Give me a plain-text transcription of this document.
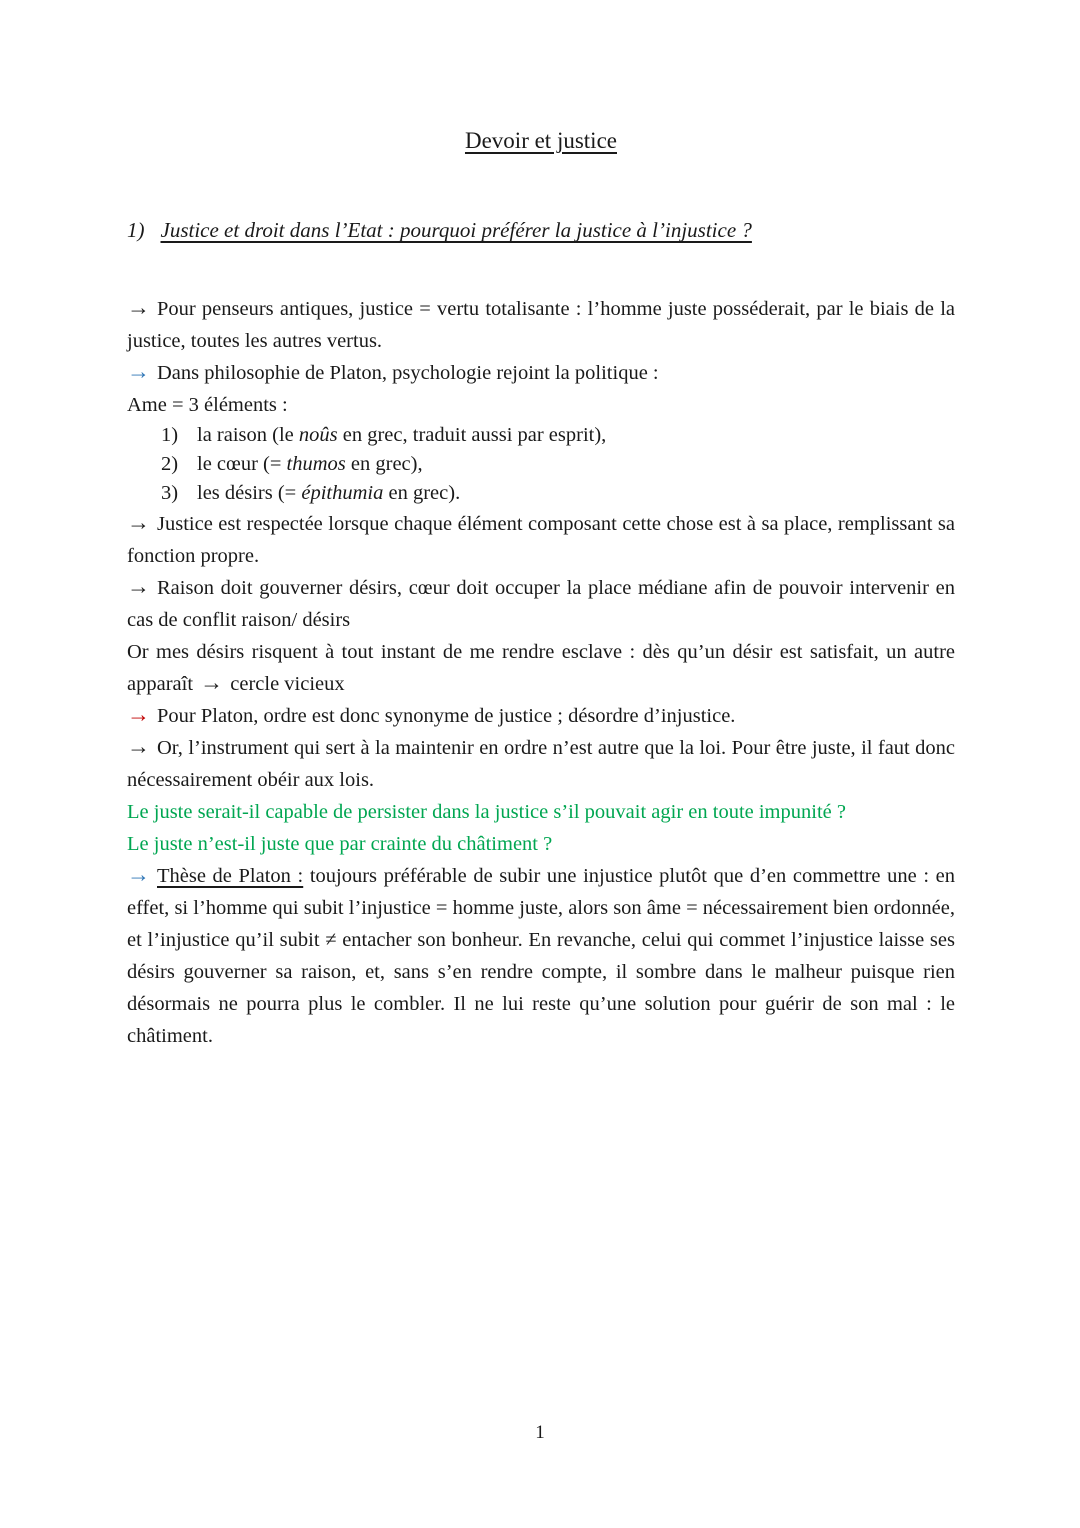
Devoir et justice

1) Justice et droit dans l’Etat : pourquoi préférer la justice à l’injustice ?

→ Pour penseurs antiques, justice = vertu totalisante : l’homme juste posséderait, par le biais de la justice, toutes les autres vertus.

→ Dans philosophie de Platon, psychologie rejoint la politique :

Ame = 3 éléments :

1) la raison (le noûs en grec, traduit aussi par esprit),

2) le cœur (= thumos en grec),

3) les désirs (= épithumia en grec).

→ Justice est respectée lorsque chaque élément composant cette chose est à sa place, remplissant sa fonction propre.

→ Raison doit gouverner désirs, cœur doit occuper la place médiane afin de pouvoir intervenir en cas de conflit raison/ désirs

Or mes désirs risquent à tout instant de me rendre esclave : dès qu’un désir est satisfait, un autre apparaît → cercle vicieux

→ Pour Platon, ordre est donc synonyme de justice ; désordre d’injustice.

→ Or, l’instrument qui sert à la maintenir en ordre n’est autre que la loi. Pour être juste, il faut donc nécessairement obéir aux lois.

Le juste serait-il capable de persister dans la justice s’il pouvait agir en toute impunité ?

Le juste n’est-il juste que par crainte du châtiment ?

→ Thèse de Platon : toujours préférable de subir une injustice plutôt que d’en commettre une : en effet, si l’homme qui subit l’injustice = homme juste, alors son âme = nécessairement bien ordonnée, et l’injustice qu’il subit ≠ entacher son bonheur. En revanche, celui qui commet l’injustice laisse ses désirs gouverner sa raison, et, sans s’en rendre compte, il sombre dans le malheur puisque rien désormais ne pourra plus le combler. Il ne lui reste qu’une solution pour guérir de son mal : le châtiment.

1
